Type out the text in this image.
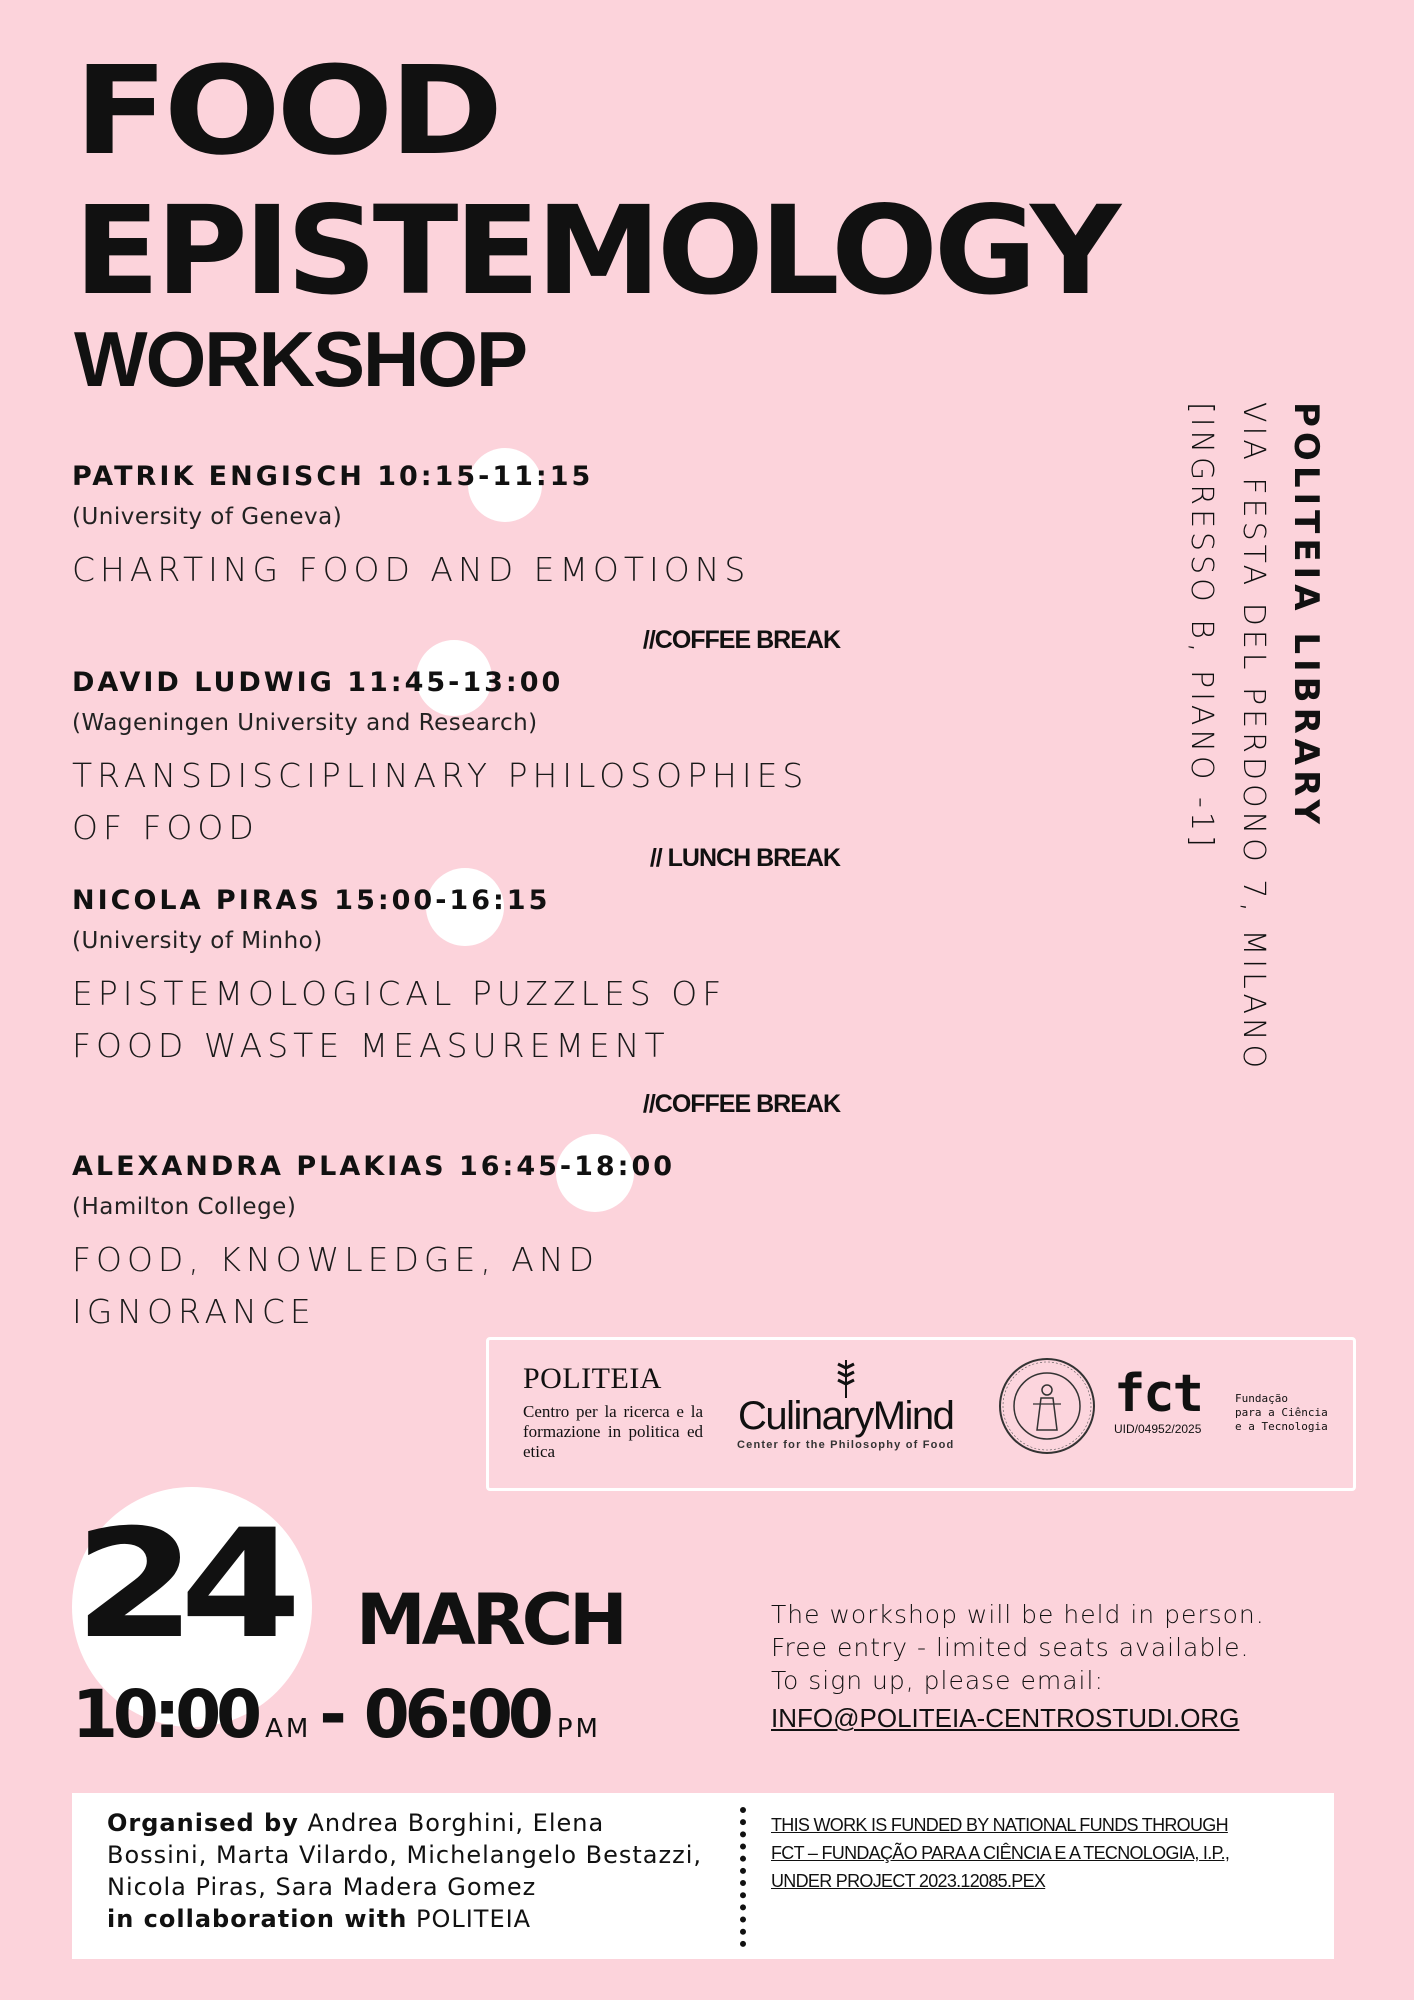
FOOD
EPISTEMOLOGY
WORKSHOP
PATRIK ENGISCH 10:15-11:15
(University of Geneva)
CHARTING FOOD AND EMOTIONS
//COFFEE BREAK
DAVID LUDWIG 11:45-13:00
(Wageningen University and Research)
TRANSDISCIPLINARY PHILOSOPHIES OF FOOD
// LUNCH BREAK
NICOLA PIRAS 15:00-16:15
(University of Minho)
EPISTEMOLOGICAL PUZZLES OF FOOD WASTE MEASUREMENT
//COFFEE BREAK
ALEXANDRA PLAKIAS 16:45-18:00
(Hamilton College)
FOOD, KNOWLEDGE, AND IGNORANCE
POLITEIA LIBRARY
VIA FESTA DEL PERDONO 7, MILANO
[INGRESSO B, PIANO -1]
POLITEIA
Centro per la ricerca e la formazione in politica ed etica
CulinaryMind
Center for the Philosophy of Food
fct
UID/04952/2025
Fundação
para a Ciência
e a Tecnologia
24 MARCH
10:00 AM - 06:00 PM
The workshop will be held in person.
Free entry - limited seats available.
To sign up, please email:
INFO@POLITEIA-CENTROSTUDI.ORG
Organised by Andrea Borghini, Elena Bossini, Marta Vilardo, Michelangelo Bestazzi, Nicola Piras, Sara Madera Gomez
in collaboration with POLITEIA
THIS WORK IS FUNDED BY NATIONAL FUNDS THROUGH FCT – FUNDAÇÃO PARA A CIÊNCIA E A TECNOLOGIA, I.P., UNDER PROJECT 2023.12085.PEX
